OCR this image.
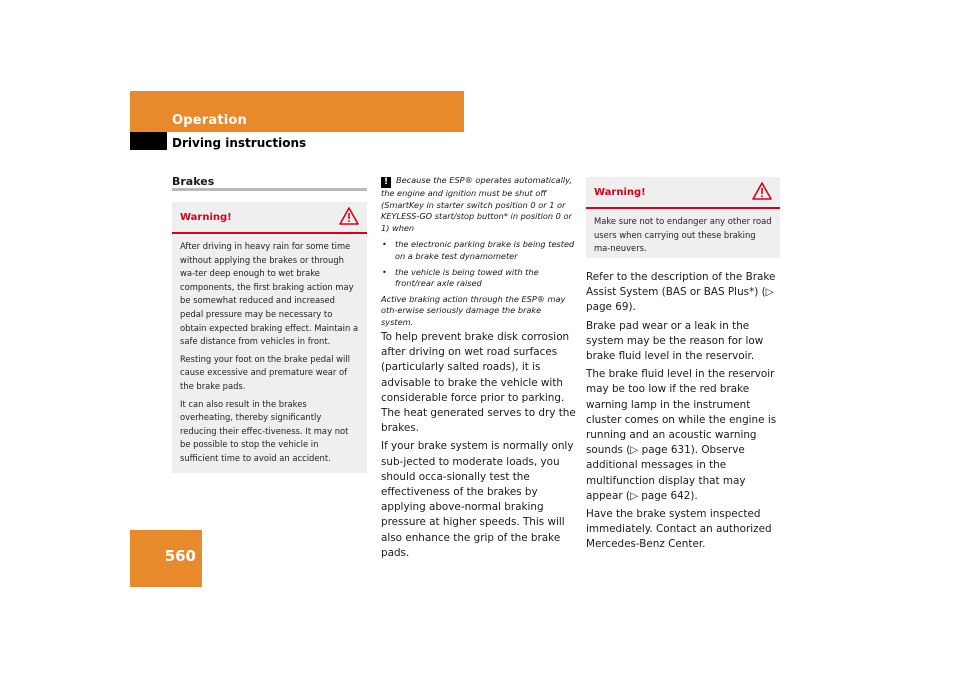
Operation
Driving instructions
560
Brakes
Warning!

After driving in heavy rain for some time without applying the brakes or through wa-ter deep enough to wet brake components, the first braking action may be somewhat reduced and increased pedal pressure may be necessary to obtain expected braking effect. Maintain a safe distance from vehicles in front.

Resting your foot on the brake pedal will cause excessive and premature wear of the brake pads.

It can also result in the brakes overheating, thereby significantly reducing their effec-tiveness. It may not be possible to stop the vehicle in sufficient time to avoid an accident.

! Because the ESP® operates automatically, the engine and ignition must be shut off (SmartKey in starter switch position 0 or 1 or KEYLESS-GO start/stop button* in position 0 or 1) when

• the electronic parking brake is being tested on a brake test dynamometer
• the vehicle is being towed with the front/rear axle raised

Active braking action through the ESP® may oth-erwise seriously damage the brake system.

To help prevent brake disk corrosion after driving on wet road surfaces (particularly salted roads), it is advisable to brake the vehicle with considerable force prior to parking. The heat generated serves to dry the brakes.

If your brake system is normally only sub-jected to moderate loads, you should occa-sionally test the effectiveness of the brakes by applying above-normal braking pressure at higher speeds. This will also enhance the grip of the brake pads.

Warning!

Make sure not to endanger any other road users when carrying out these braking ma-neuvers.

Refer to the description of the Brake Assist System (BAS or BAS Plus*) (▷ page 69).

Brake pad wear or a leak in the system may be the reason for low brake fluid level in the reservoir.

The brake fluid level in the reservoir may be too low if the red brake warning lamp in the instrument cluster comes on while the engine is running and an acoustic warning sounds (▷ page 631). Observe additional messages in the multifunction display that may appear (▷ page 642).

Have the brake system inspected immediately. Contact an authorized Mercedes-Benz Center.
